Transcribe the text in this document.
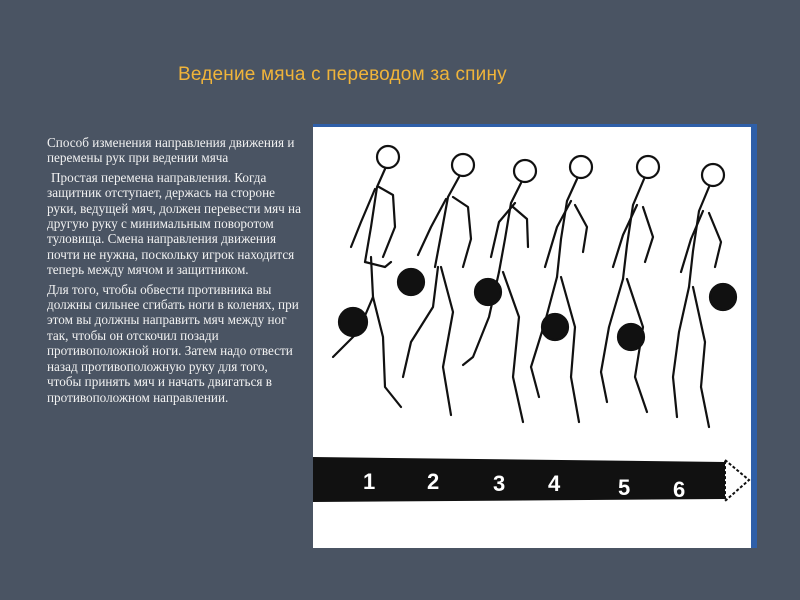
Ведение мяча с переводом за спину

Способ изменения направления движения и перемены рук при ведении мяча

Простая перемена направления. Когда защитник отступает, держась на стороне руки, ведущей мяч, должен перевести мяч на другую руку с минимальным поворотом туловища. Смена направления движения почти не нужна, поскольку игрок находится теперь между мячом и защитником.

Для того, чтобы обвести противника вы должны сильнее сгибать ноги в коленях, при этом вы должны направить мяч между ног так, чтобы он отскочил позади противоположной ноги. Затем надо отвести назад противоположную руку для того, чтобы принять мяч и начать двигаться в противоположном направлении.

1 2 3 4	5 6
